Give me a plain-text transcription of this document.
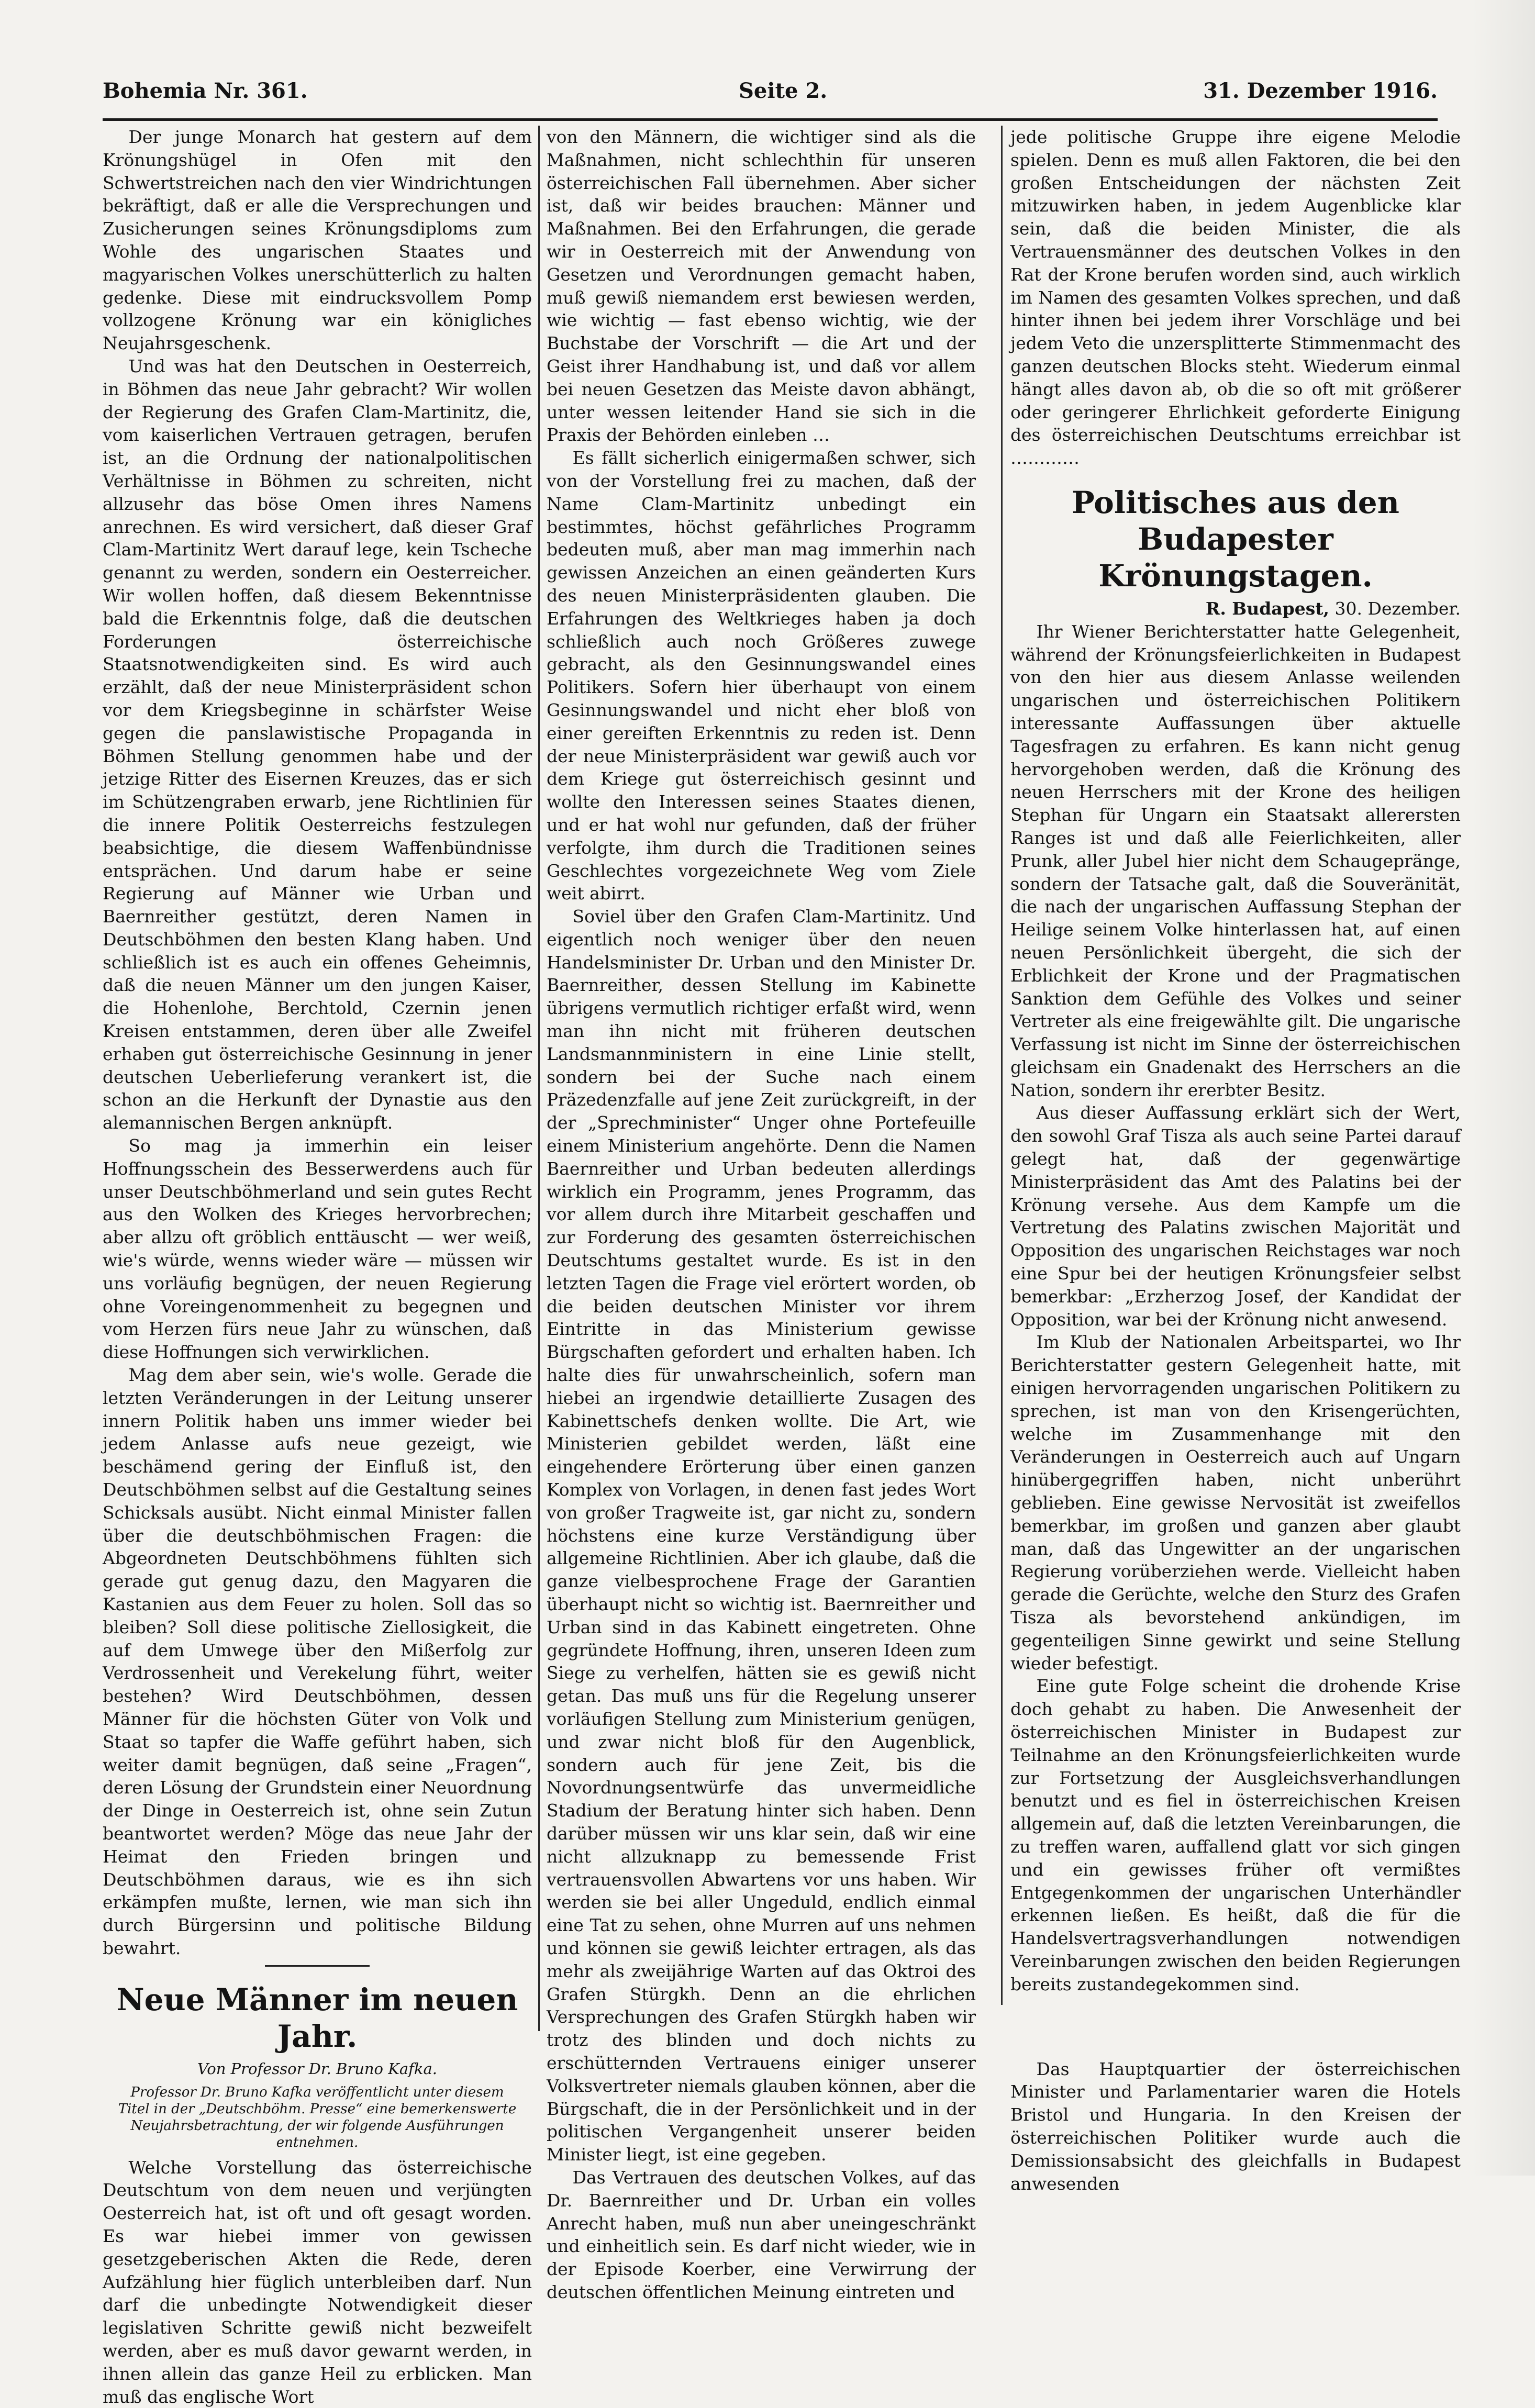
Bohemia Nr. 361.	Seite 2.	31. Dezember 1916.

Der junge Monarch hat gestern auf dem Krönungshügel in Ofen mit den Schwertstreichen nach den vier Windrichtungen bekräftigt, daß er alle die Versprechungen und Zusicherungen seines Krönungsdiploms zum Wohle des ungarischen Staates und magyarischen Volkes unerschütterlich zu halten gedenke. Diese mit eindrucksvollem Pomp vollzogene Krönung war ein königliches Neujahrsgeschenk.

Und was hat den Deutschen in Oesterreich, in Böhmen das neue Jahr gebracht? Wir wollen der Regierung des Grafen Clam-Martinitz, die, vom kaiserlichen Vertrauen getragen, berufen ist, an die Ordnung der nationalpolitischen Verhältnisse in Böhmen zu schreiten, nicht allzusehr das böse Omen ihres Namens anrechnen. Es wird versichert, daß dieser Graf Clam-Martinitz Wert darauf lege, kein Tscheche genannt zu werden, sondern ein Oesterreicher. Wir wollen hoffen, daß diesem Bekenntnisse bald die Erkenntnis folge, daß die deutschen Forderungen österreichische Staatsnotwendigkeiten sind. Es wird auch erzählt, daß der neue Ministerpräsident schon vor dem Kriegsbeginne in schärfster Weise gegen die panslawistische Propaganda in Böhmen Stellung genommen habe und der jetzige Ritter des Eisernen Kreuzes, das er sich im Schützengraben erwarb, jene Richtlinien für die innere Politik Oesterreichs festzulegen beabsichtige, die diesem Waffenbündnisse entsprächen. Und darum habe er seine Regierung auf Männer wie Urban und Baernreither gestützt, deren Namen in Deutschböhmen den besten Klang haben. Und schließlich ist es auch ein offenes Geheimnis, daß die neuen Männer um den jungen Kaiser, die Hohenlohe, Berchtold, Czernin jenen Kreisen entstammen, deren über alle Zweifel erhaben gut österreichische Gesinnung in jener deutschen Ueberlieferung verankert ist, die schon an die Herkunft der Dynastie aus den alemannischen Bergen anknüpft.

So mag ja immerhin ein leiser Hoffnungsschein des Besserwerdens auch für unser Deutschböhmerland und sein gutes Recht aus den Wolken des Krieges hervorbrechen; aber allzu oft gröblich enttäuscht — wer weiß, wie's würde, wenns wieder wäre — müssen wir uns vorläufig begnügen, der neuen Regierung ohne Voreingenommenheit zu begegnen und vom Herzen fürs neue Jahr zu wünschen, daß diese Hoffnungen sich verwirklichen.

Mag dem aber sein, wie's wolle. Gerade die letzten Veränderungen in der Leitung unserer innern Politik haben uns immer wieder bei jedem Anlasse aufs neue gezeigt, wie beschämend gering der Einfluß ist, den Deutschböhmen selbst auf die Gestaltung seines Schicksals ausübt. Nicht einmal Minister fallen über die deutschböhmischen Fragen: die Abgeordneten Deutschböhmens fühlten sich gerade gut genug dazu, den Magyaren die Kastanien aus dem Feuer zu holen. Soll das so bleiben? Soll diese politische Ziellosigkeit, die auf dem Umwege über den Mißerfolg zur Verdrossenheit und Verekelung führt, weiter bestehen? Wird Deutschböhmen, dessen Männer für die höchsten Güter von Volk und Staat so tapfer die Waffe geführt haben, sich weiter damit begnügen, daß seine „Fragen“, deren Lösung der Grundstein einer Neuordnung der Dinge in Oesterreich ist, ohne sein Zutun beantwortet werden? Möge das neue Jahr der Heimat den Frieden bringen und Deutschböhmen daraus, wie es ihn sich erkämpfen mußte, lernen, wie man sich ihn durch Bürgersinn und politische Bildung bewahrt.

Neue Männer im neuen Jahr.
Von Professor Dr. Bruno Kafka.
Professor Dr. Bruno Kafka veröffentlicht unter diesem Titel in der „Deutschböhm. Presse“ eine bemerkenswerte Neujahrsbetrachtung, der wir folgende Ausführungen entnehmen.

Welche Vorstellung das österreichische Deutschtum von dem neuen und verjüngten Oesterreich hat, ist oft und oft gesagt worden. Es war hiebei immer von gewissen gesetzgeberischen Akten die Rede, deren Aufzählung hier füglich unterbleiben darf. Nun darf die unbedingte Notwendigkeit dieser legislativen Schritte gewiß nicht bezweifelt werden, aber es muß davor gewarnt werden, in ihnen allein das ganze Heil zu erblicken. Man muß das englische Wort

von den Männern, die wichtiger sind als die Maßnahmen, nicht schlechthin für unseren österreichischen Fall übernehmen. Aber sicher ist, daß wir beides brauchen: Männer und Maßnahmen. Bei den Erfahrungen, die gerade wir in Oesterreich mit der Anwendung von Gesetzen und Verordnungen gemacht haben, muß gewiß niemandem erst bewiesen werden, wie wichtig — fast ebenso wichtig, wie der Buchstabe der Vorschrift — die Art und der Geist ihrer Handhabung ist, und daß vor allem bei neuen Gesetzen das Meiste davon abhängt, unter wessen leitender Hand sie sich in die Praxis der Behörden einleben …

Es fällt sicherlich einigermaßen schwer, sich von der Vorstellung frei zu machen, daß der Name Clam-Martinitz unbedingt ein bestimmtes, höchst gefährliches Programm bedeuten muß, aber man mag immerhin nach gewissen Anzeichen an einen geänderten Kurs des neuen Ministerpräsidenten glauben. Die Erfahrungen des Weltkrieges haben ja doch schließlich auch noch Größeres zuwege gebracht, als den Gesinnungswandel eines Politikers. Sofern hier überhaupt von einem Gesinnungswandel und nicht eher bloß von einer gereiften Erkenntnis zu reden ist. Denn der neue Ministerpräsident war gewiß auch vor dem Kriege gut österreichisch gesinnt und wollte den Interessen seines Staates dienen, und er hat wohl nur gefunden, daß der früher verfolgte, ihm durch die Traditionen seines Geschlechtes vorgezeichnete Weg vom Ziele weit abirrt.

Soviel über den Grafen Clam-Martinitz. Und eigentlich noch weniger über den neuen Handelsminister Dr. Urban und den Minister Dr. Baernreither, dessen Stellung im Kabinette übrigens vermutlich richtiger erfaßt wird, wenn man ihn nicht mit früheren deutschen Landsmannministern in eine Linie stellt, sondern bei der Suche nach einem Präzedenzfalle auf jene Zeit zurückgreift, in der der „Sprechminister“ Unger ohne Portefeuille einem Ministerium angehörte. Denn die Namen Baernreither und Urban bedeuten allerdings wirklich ein Programm, jenes Programm, das vor allem durch ihre Mitarbeit geschaffen und zur Forderung des gesamten österreichischen Deutschtums gestaltet wurde. Es ist in den letzten Tagen die Frage viel erörtert worden, ob die beiden deutschen Minister vor ihrem Eintritte in das Ministerium gewisse Bürgschaften gefordert und erhalten haben. Ich halte dies für unwahrscheinlich, sofern man hiebei an irgendwie detaillierte Zusagen des Kabinettschefs denken wollte. Die Art, wie Ministerien gebildet werden, läßt eine eingehendere Erörterung über einen ganzen Komplex von Vorlagen, in denen fast jedes Wort von großer Tragweite ist, gar nicht zu, sondern höchstens eine kurze Verständigung über allgemeine Richtlinien. Aber ich glaube, daß die ganze vielbesprochene Frage der Garantien überhaupt nicht so wichtig ist. Baernreither und Urban sind in das Kabinett eingetreten. Ohne gegründete Hoffnung, ihren, unseren Ideen zum Siege zu verhelfen, hätten sie es gewiß nicht getan. Das muß uns für die Regelung unserer vorläufigen Stellung zum Ministerium genügen, und zwar nicht bloß für den Augenblick, sondern auch für jene Zeit, bis die Novordnungsentwürfe das unvermeidliche Stadium der Beratung hinter sich haben. Denn darüber müssen wir uns klar sein, daß wir eine nicht allzuknapp zu bemessende Frist vertrauensvollen Abwartens vor uns haben. Wir werden sie bei aller Ungeduld, endlich einmal eine Tat zu sehen, ohne Murren auf uns nehmen und können sie gewiß leichter ertragen, als das mehr als zweijährige Warten auf das Oktroi des Grafen Stürgkh. Denn an die ehrlichen Versprechungen des Grafen Stürgkh haben wir trotz des blinden und doch nichts zu erschütternden Vertrauens einiger unserer Volksvertreter niemals glauben können, aber die Bürgschaft, die in der Persönlichkeit und in der politischen Vergangenheit unserer beiden Minister liegt, ist eine gegeben.

Das Vertrauen des deutschen Volkes, auf das Dr. Baernreither und Dr. Urban ein volles Anrecht haben, muß nun aber uneingeschränkt und einheitlich sein. Es darf nicht wieder, wie in der Episode Koerber, eine Verwirrung der deutschen öffentlichen Meinung eintreten und

jede politische Gruppe ihre eigene Melodie spielen. Denn es muß allen Faktoren, die bei den großen Entscheidungen der nächsten Zeit mitzuwirken haben, in jedem Augenblicke klar sein, daß die beiden Minister, die als Vertrauensmänner des deutschen Volkes in den Rat der Krone berufen worden sind, auch wirklich im Namen des gesamten Volkes sprechen, und daß hinter ihnen bei jedem ihrer Vorschläge und bei jedem Veto die unzersplitterte Stimmenmacht des ganzen deutschen Blocks steht. Wiederum einmal hängt alles davon ab, ob die so oft mit größerer oder geringerer Ehrlichkeit geforderte Einigung des österreichischen Deutschtums erreichbar ist …………

Politisches aus den Budapester Krönungstagen.
R. Budapest, 30. Dezember.

Ihr Wiener Berichterstatter hatte Gelegenheit, während der Krönungsfeierlichkeiten in Budapest von den hier aus diesem Anlasse weilenden ungarischen und österreichischen Politikern interessante Auffassungen über aktuelle Tagesfragen zu erfahren. Es kann nicht genug hervorgehoben werden, daß die Krönung des neuen Herrschers mit der Krone des heiligen Stephan für Ungarn ein Staatsakt allerersten Ranges ist und daß alle Feierlichkeiten, aller Prunk, aller Jubel hier nicht dem Schaugepränge, sondern der Tatsache galt, daß die Souveränität, die nach der ungarischen Auffassung Stephan der Heilige seinem Volke hinterlassen hat, auf einen neuen Persönlichkeit übergeht, die sich der Erblichkeit der Krone und der Pragmatischen Sanktion dem Gefühle des Volkes und seiner Vertreter als eine freigewählte gilt. Die ungarische Verfassung ist nicht im Sinne der österreichischen gleichsam ein Gnadenakt des Herrschers an die Nation, sondern ihr ererbter Besitz.

Aus dieser Auffassung erklärt sich der Wert, den sowohl Graf Tisza als auch seine Partei darauf gelegt hat, daß der gegenwärtige Ministerpräsident das Amt des Palatins bei der Krönung versehe. Aus dem Kampfe um die Vertretung des Palatins zwischen Majorität und Opposition des ungarischen Reichstages war noch eine Spur bei der heutigen Krönungsfeier selbst bemerkbar: „Erzherzog Josef, der Kandidat der Opposition, war bei der Krönung nicht anwesend.

Im Klub der Nationalen Arbeitspartei, wo Ihr Berichterstatter gestern Gelegenheit hatte, mit einigen hervorragenden ungarischen Politikern zu sprechen, ist man von den Krisengerüchten, welche im Zusammenhange mit den Veränderungen in Oesterreich auch auf Ungarn hinübergegriffen haben, nicht unberührt geblieben. Eine gewisse Nervosität ist zweifellos bemerkbar, im großen und ganzen aber glaubt man, daß das Ungewitter an der ungarischen Regierung vorüberziehen werde. Vielleicht haben gerade die Gerüchte, welche den Sturz des Grafen Tisza als bevorstehend ankündigen, im gegenteiligen Sinne gewirkt und seine Stellung wieder befestigt.

Eine gute Folge scheint die drohende Krise doch gehabt zu haben. Die Anwesenheit der österreichischen Minister in Budapest zur Teilnahme an den Krönungsfeierlichkeiten wurde zur Fortsetzung der Ausgleichsverhandlungen benutzt und es fiel in österreichischen Kreisen allgemein auf, daß die letzten Vereinbarungen, die zu treffen waren, auffallend glatt vor sich gingen und ein gewisses früher oft vermißtes Entgegenkommen der ungarischen Unterhändler erkennen ließen. Es heißt, daß die für die Handelsvertragsverhandlungen notwendigen Vereinbarungen zwischen den beiden Regierungen bereits zustandegekommen sind.

Das Hauptquartier der österreichischen Minister und Parlamentarier waren die Hotels Bristol und Hungaria. In den Kreisen der österreichischen Politiker wurde auch die Demissionsabsicht des gleichfalls in Budapest anwesenden
